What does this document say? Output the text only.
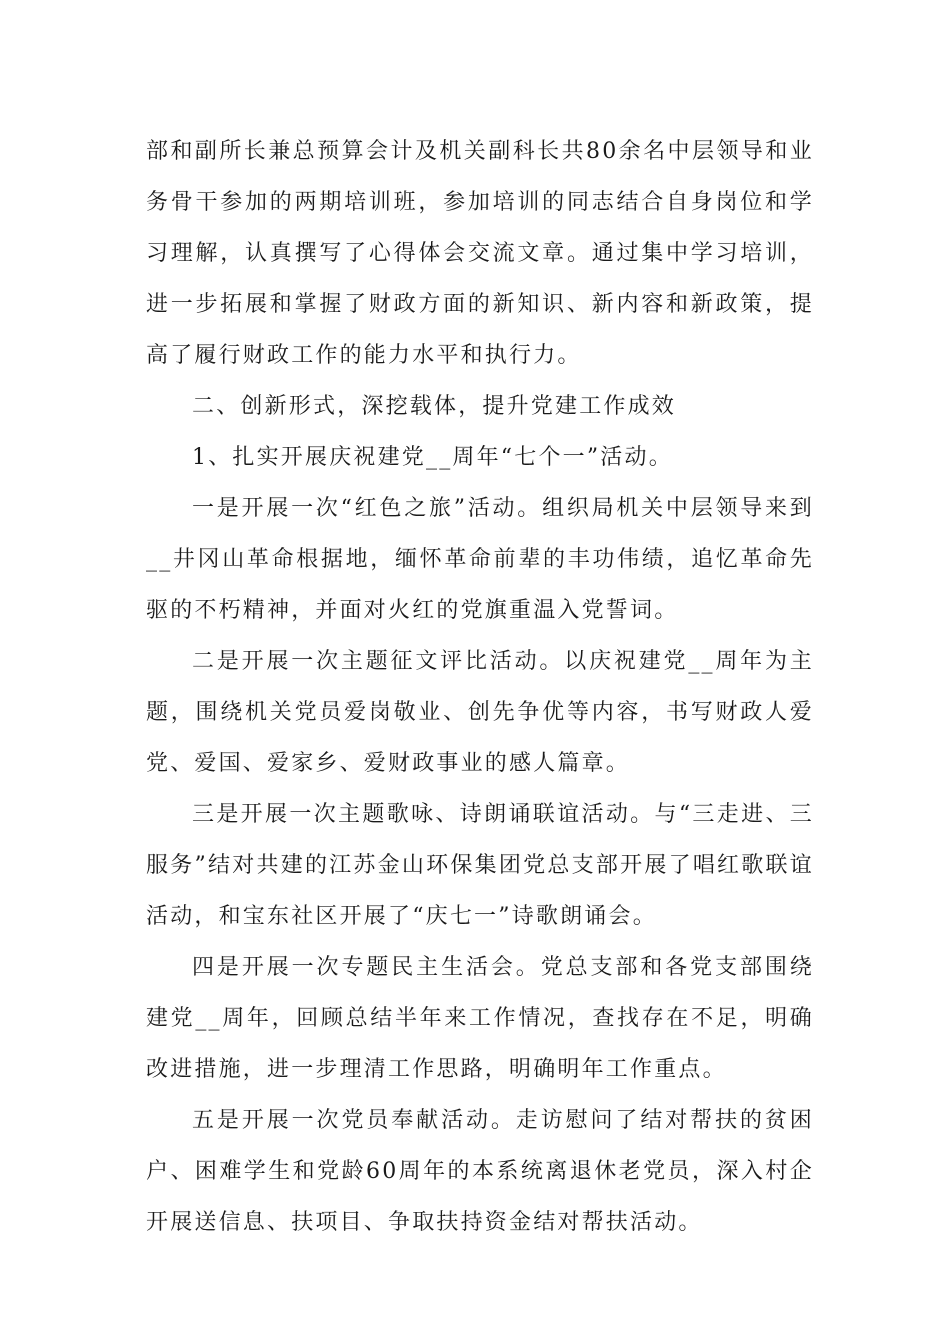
部和副所长兼总预算会计及机关副科长共80余名中层领导和业务骨干参加的两期培训班，参加培训的同志结合自身岗位和学习理解，认真撰写了心得体会交流文章。通过集中学习培训，进一步拓展和掌握了财政方面的新知识、新内容和新政策，提高了履行财政工作的能力水平和执行力。

二、创新形式，深挖载体，提升党建工作成效

1、扎实开展庆祝建党__周年“七个一”活动。

一是开展一次“红色之旅”活动。组织局机关中层领导来到__井冈山革命根据地，缅怀革命前辈的丰功伟绩，追忆革命先驱的不朽精神，并面对火红的党旗重温入党誓词。

二是开展一次主题征文评比活动。以庆祝建党__周年为主题，围绕机关党员爱岗敬业、创先争优等内容，书写财政人爱党、爱国、爱家乡、爱财政事业的感人篇章。

三是开展一次主题歌咏、诗朗诵联谊活动。与“三走进、三服务”结对共建的江苏金山环保集团党总支部开展了唱红歌联谊活动，和宝东社区开展了“庆七一”诗歌朗诵会。

四是开展一次专题民主生活会。党总支部和各党支部围绕建党__周年，回顾总结半年来工作情况，查找存在不足，明确改进措施，进一步理清工作思路，明确明年工作重点。

五是开展一次党员奉献活动。走访慰问了结对帮扶的贫困户、困难学生和党龄60周年的本系统离退休老党员，深入村企开展送信息、扶项目、争取扶持资金结对帮扶活动。
